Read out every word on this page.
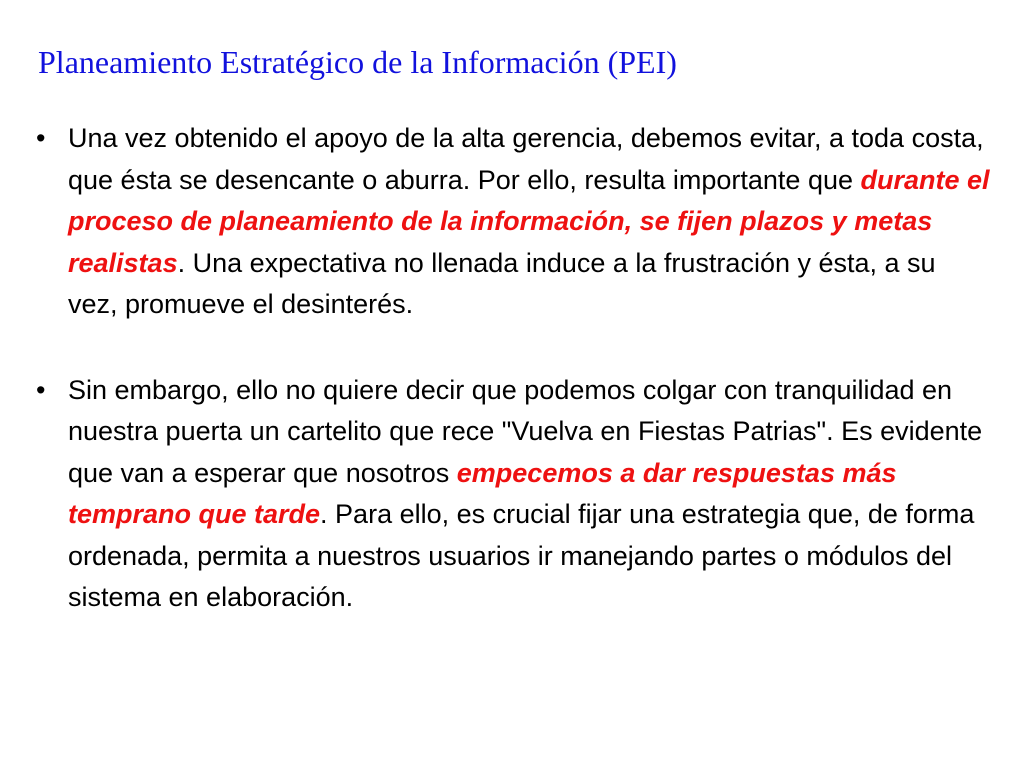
Planeamiento Estratégico de la Información (PEI)
• Una vez obtenido el apoyo de la alta gerencia, debemos evitar, a toda costa, que ésta se desencante o aburra. Por ello, resulta importante que durante el proceso de planeamiento de la información, se fijen plazos y metas realistas. Una expectativa no llenada induce a la frustración y ésta, a su vez, promueve el desinterés.

• Sin embargo, ello no quiere decir que podemos colgar con tranquilidad en nuestra puerta un cartelito que rece "Vuelva en Fiestas Patrias". Es evidente que van a esperar que nosotros empecemos a dar respuestas más temprano que tarde. Para ello, es crucial fijar una estrategia que, de forma ordenada, permita a nuestros usuarios ir manejando partes o módulos del sistema en elaboración.
